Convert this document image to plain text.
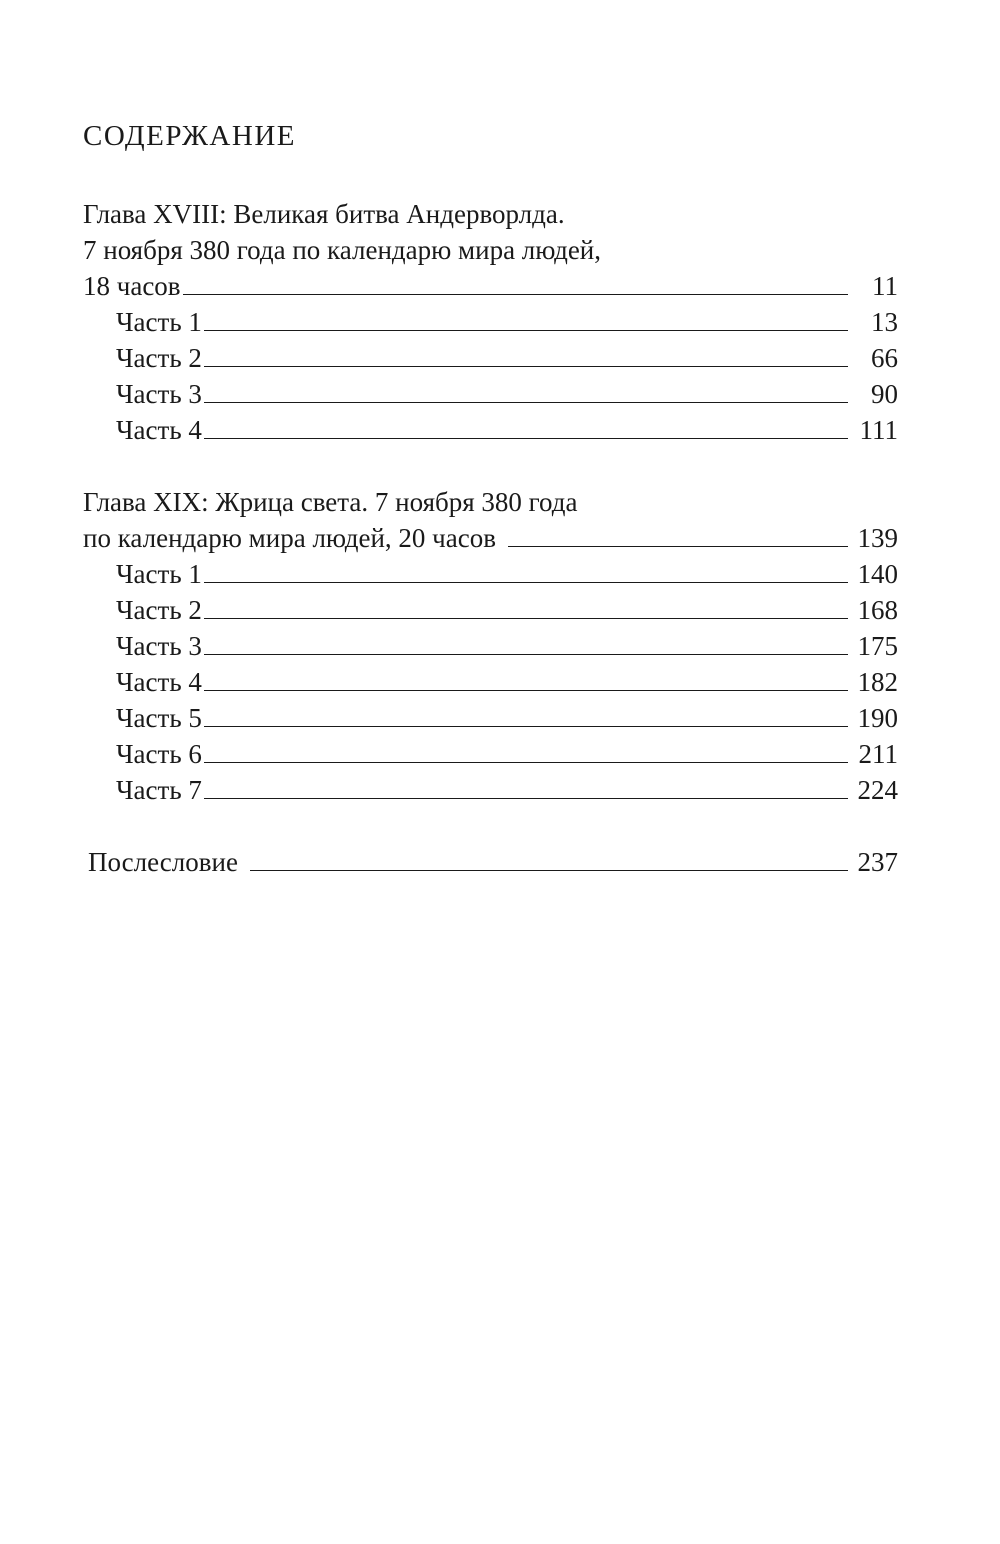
СОДЕРЖАНИЕ
Глава XVIII: Великая битва Андерворлда.
7 ноября 380 года по календарю мира людей,
18 часов	11
Часть 1	13
Часть 2	66
Часть 3	90
Часть 4	111
Глава XIX: Жрица света. 7 ноября 380 года
по календарю мира людей, 20 часов	139
Часть 1	140
Часть 2	168
Часть 3	175
Часть 4	182
Часть 5	190
Часть 6	211
Часть 7	224
Послесловие	237
